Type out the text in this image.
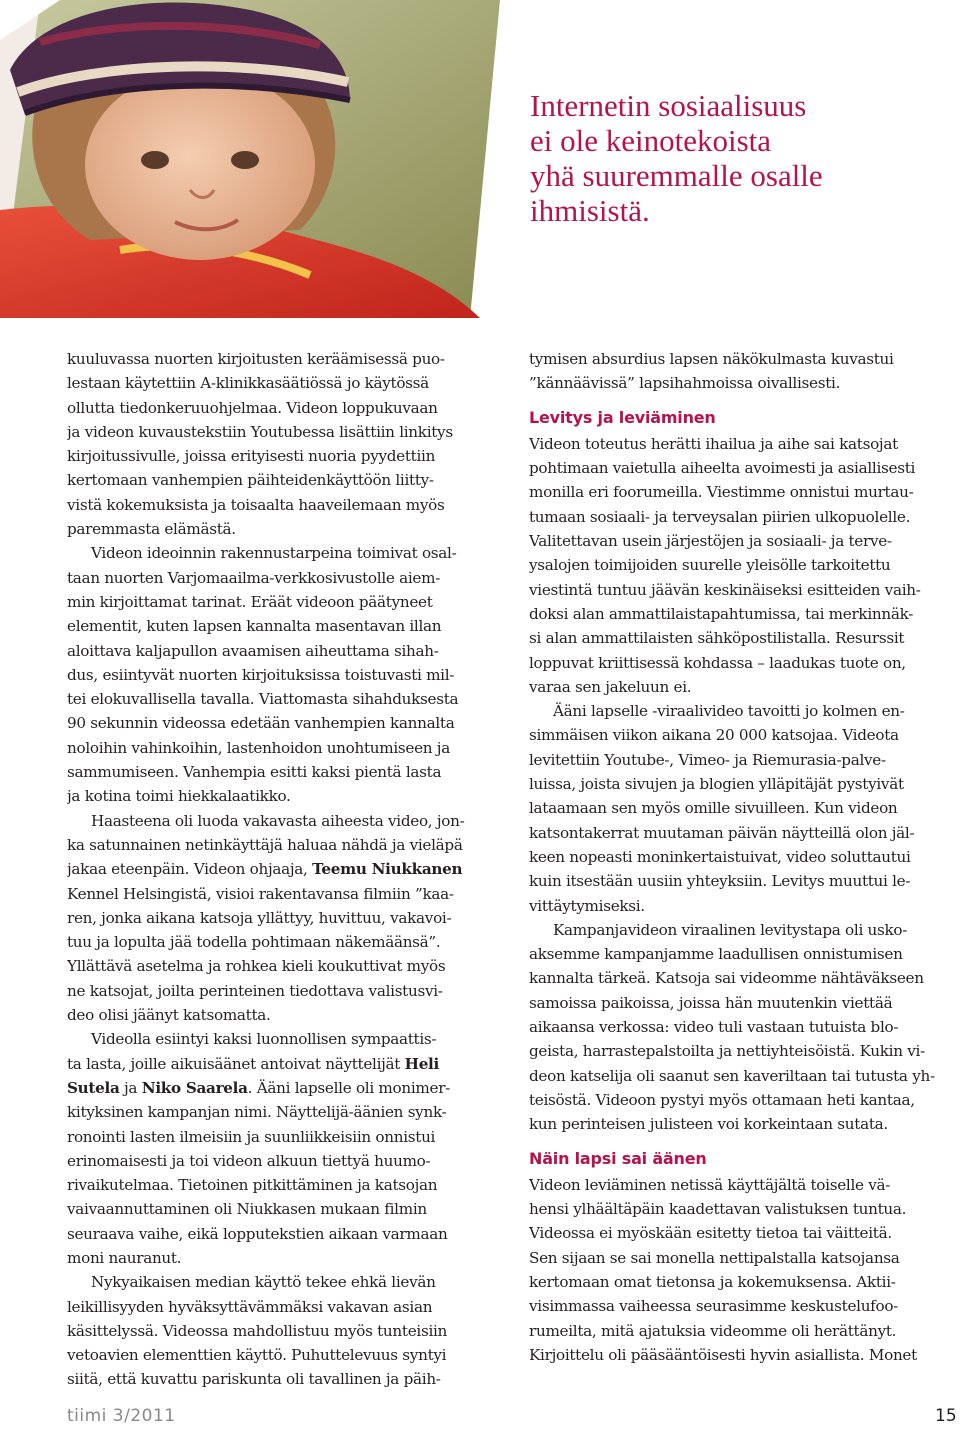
Internetin sosiaalisuus
ei ole keinotekoista
yhä suuremmalle osalle
ihmisistä.
kuuluvassa nuorten kirjoitusten keräämisessä puo-
lestaan käytettiin A-klinikkasäätiössä jo käytössä
ollutta tiedonkeruuohjelmaa. Videon loppukuvaan
ja videon kuvaustekstiin Youtubessa lisättiin linkitys
kirjoitussivulle, joissa erityisesti nuoria pyydettiin
kertomaan vanhempien päihteidenkäyttöön liitty-
vistä kokemuksista ja toisaalta haaveilemaan myös
paremmasta elämästä.
Videon ideoinnin rakennustarpeina toimivat osal-
taan nuorten Varjomaailma-verkkosivustolle aiem-
min kirjoittamat tarinat. Eräät videoon päätyneet
elementit, kuten lapsen kannalta masentavan illan
aloittava kaljapullon avaamisen aiheuttama sihah-
dus, esiintyvät nuorten kirjoituksissa toistuvasti mil-
tei elokuvallisella tavalla. Viattomasta sihahduksesta
90 sekunnin videossa edetään vanhempien kannalta
noloihin vahinkoihin, lastenhoidon unohtumiseen ja
sammumiseen. Vanhempia esitti kaksi pientä lasta
ja kotina toimi hiekkalaatikko.
Haasteena oli luoda vakavasta aiheesta video, jon-
ka satunnainen netinkäyttäjä haluaa nähdä ja vieläpä
jakaa eteenpäin. Videon ohjaaja, Teemu Niukkanen
Kennel Helsingistä, visioi rakentavansa filmiin ”kaa-
ren, jonka aikana katsoja yllättyy, huvittuu, vakavoi-
tuu ja lopulta jää todella pohtimaan näkemäänsä”.
Yllättävä asetelma ja rohkea kieli koukuttivat myös
ne katsojat, joilta perinteinen tiedottava valistusvi-
deo olisi jäänyt katsomatta.
Videolla esiintyi kaksi luonnollisen sympaattis-
ta lasta, joille aikuisäänet antoivat näyttelijät Heli
Sutela ja Niko Saarela. Ääni lapselle oli monimer-
kityksinen kampanjan nimi. Näyttelijä-äänien synk-
ronointi lasten ilmeisiin ja suunliikkeisiin onnistui
erinomaisesti ja toi videon alkuun tiettyä huumo-
rivaikutelmaa. Tietoinen pitkittäminen ja katsojan
vaivaannuttaminen oli Niukkasen mukaan filmin
seuraava vaihe, eikä lopputekstien aikaan varmaan
moni nauranut.
Nykyaikaisen median käyttö tekee ehkä lievän
leikillisyyden hyväksyttävämmäksi vakavan asian
käsittelyssä. Videossa mahdollistuu myös tunteisiin
vetoavien elementtien käyttö. Puhuttelevuus syntyi
siitä, että kuvattu pariskunta oli tavallinen ja päih-
tymisen absurdius lapsen näkökulmasta kuvastui
”kännäävissä” lapsihahmoissa oivallisesti.
Levitys ja leviäminen
Videon toteutus herätti ihailua ja aihe sai katsojat
pohtimaan vaietulla aiheelta avoimesti ja asiallisesti
monilla eri foorumeilla. Viestimme onnistui murtau-
tumaan sosiaali- ja terveysalan piirien ulkopuolelle.
Valitettavan usein järjestöjen ja sosiaali- ja terve-
ysalojen toimijoiden suurelle yleisölle tarkoitettu
viestintä tuntuu jäävän keskinäiseksi esitteiden vaih-
doksi alan ammattilaistapahtumissa, tai merkinnäk-
si alan ammattilaisten sähköpostilistalla. Resurssit
loppuvat kriittisessä kohdassa – laadukas tuote on,
varaa sen jakeluun ei.
Ääni lapselle -viraalivideo tavoitti jo kolmen en-
simmäisen viikon aikana 20 000 katsojaa. Videota
levitettiin Youtube-, Vimeo- ja Riemurasia-palve-
luissa, joista sivujen ja blogien ylläpitäjät pystyivät
lataamaan sen myös omille sivuilleen. Kun videon
katsontakerrat muutaman päivän näytteillä olon jäl-
keen nopeasti moninkertaistuivat, video soluttautui
kuin itsestään uusiin yhteyksiin. Levitys muuttui le-
vittäytymiseksi.
Kampanjavideon viraalinen levitystapa oli usko-
aksemme kampanjamme laadullisen onnistumisen
kannalta tärkeä. Katsoja sai videomme nähtäväkseen
samoissa paikoissa, joissa hän muutenkin viettää
aikaansa verkossa: video tuli vastaan tutuista blo-
geista, harrastepalstoilta ja nettiyhteisöistä. Kukin vi-
deon katselija oli saanut sen kaveriltaan tai tutusta yh-
teisöstä. Videoon pystyi myös ottamaan heti kantaa,
kun perinteisen julisteen voi korkeintaan sutata.
Näin lapsi sai äänen
Videon leviäminen netissä käyttäjältä toiselle vä-
hensi ylhäältäpäin kaadettavan valistuksen tuntua.
Videossa ei myöskään esitetty tietoa tai väitteitä.
Sen sijaan se sai monella nettipalstalla katsojansa
kertomaan omat tietonsa ja kokemuksensa. Aktii-
visimmassa vaiheessa seurasimme keskustelufoo-
rumeilta, mitä ajatuksia videomme oli herättänyt.
Kirjoittelu oli pääsääntöisesti hyvin asiallista. Monet
tiimi 3/2011	15
